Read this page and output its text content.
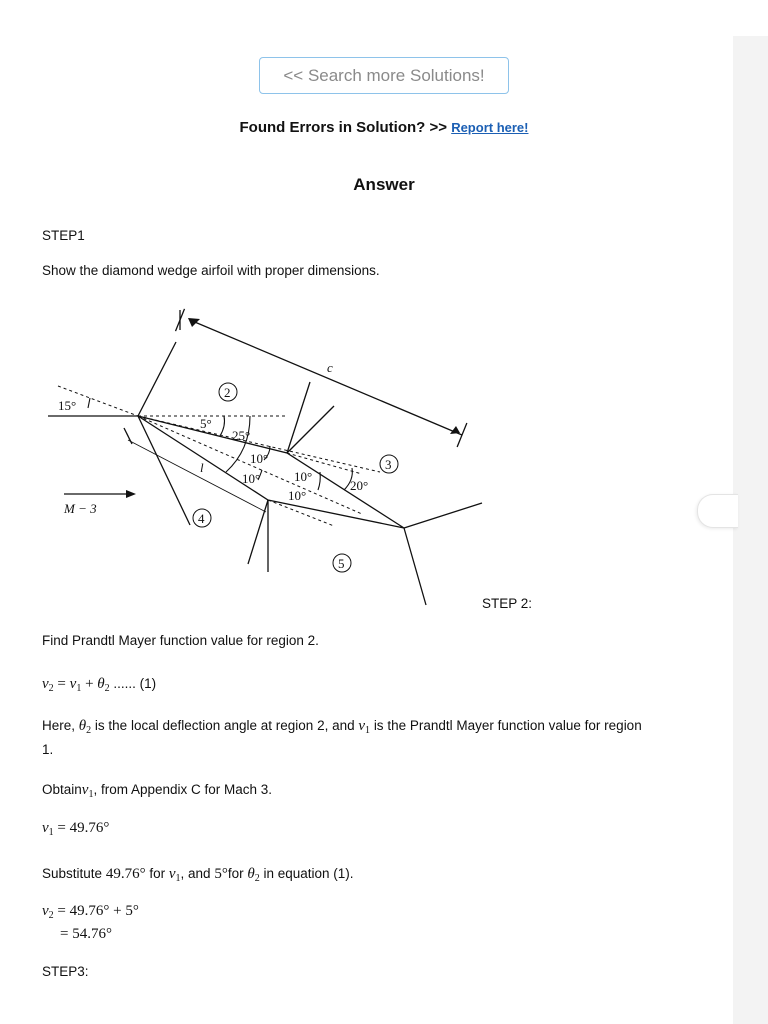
<< Search more Solutions!
Found Errors in Solution? >> Report here!
Answer
STEP1
Show the diamond wedge airfoil with proper dimensions.
2
3
4
5
c
l
15°
5°
25°
10°
10°	10°
10°
20°
M − 3
STEP 2:
Find Prandtl Mayer function value for region 2.
$v_2 = v_1 + \theta_2$ ...... (1)
Here, $\theta_2$ is the local deflection angle at region 2, and $v_1$ is the Prandtl Mayer function value for region
1.
Obtainv$_1$, from Appendix C for Mach 3.
$v_1 = 49.76^\circ$
Substitute 49.76° for $v_1$, and 5°for $\theta_2$ in equation (1).
$v_2 = 49.76^\circ + 5^\circ$
= 54.76°
STEP3:
